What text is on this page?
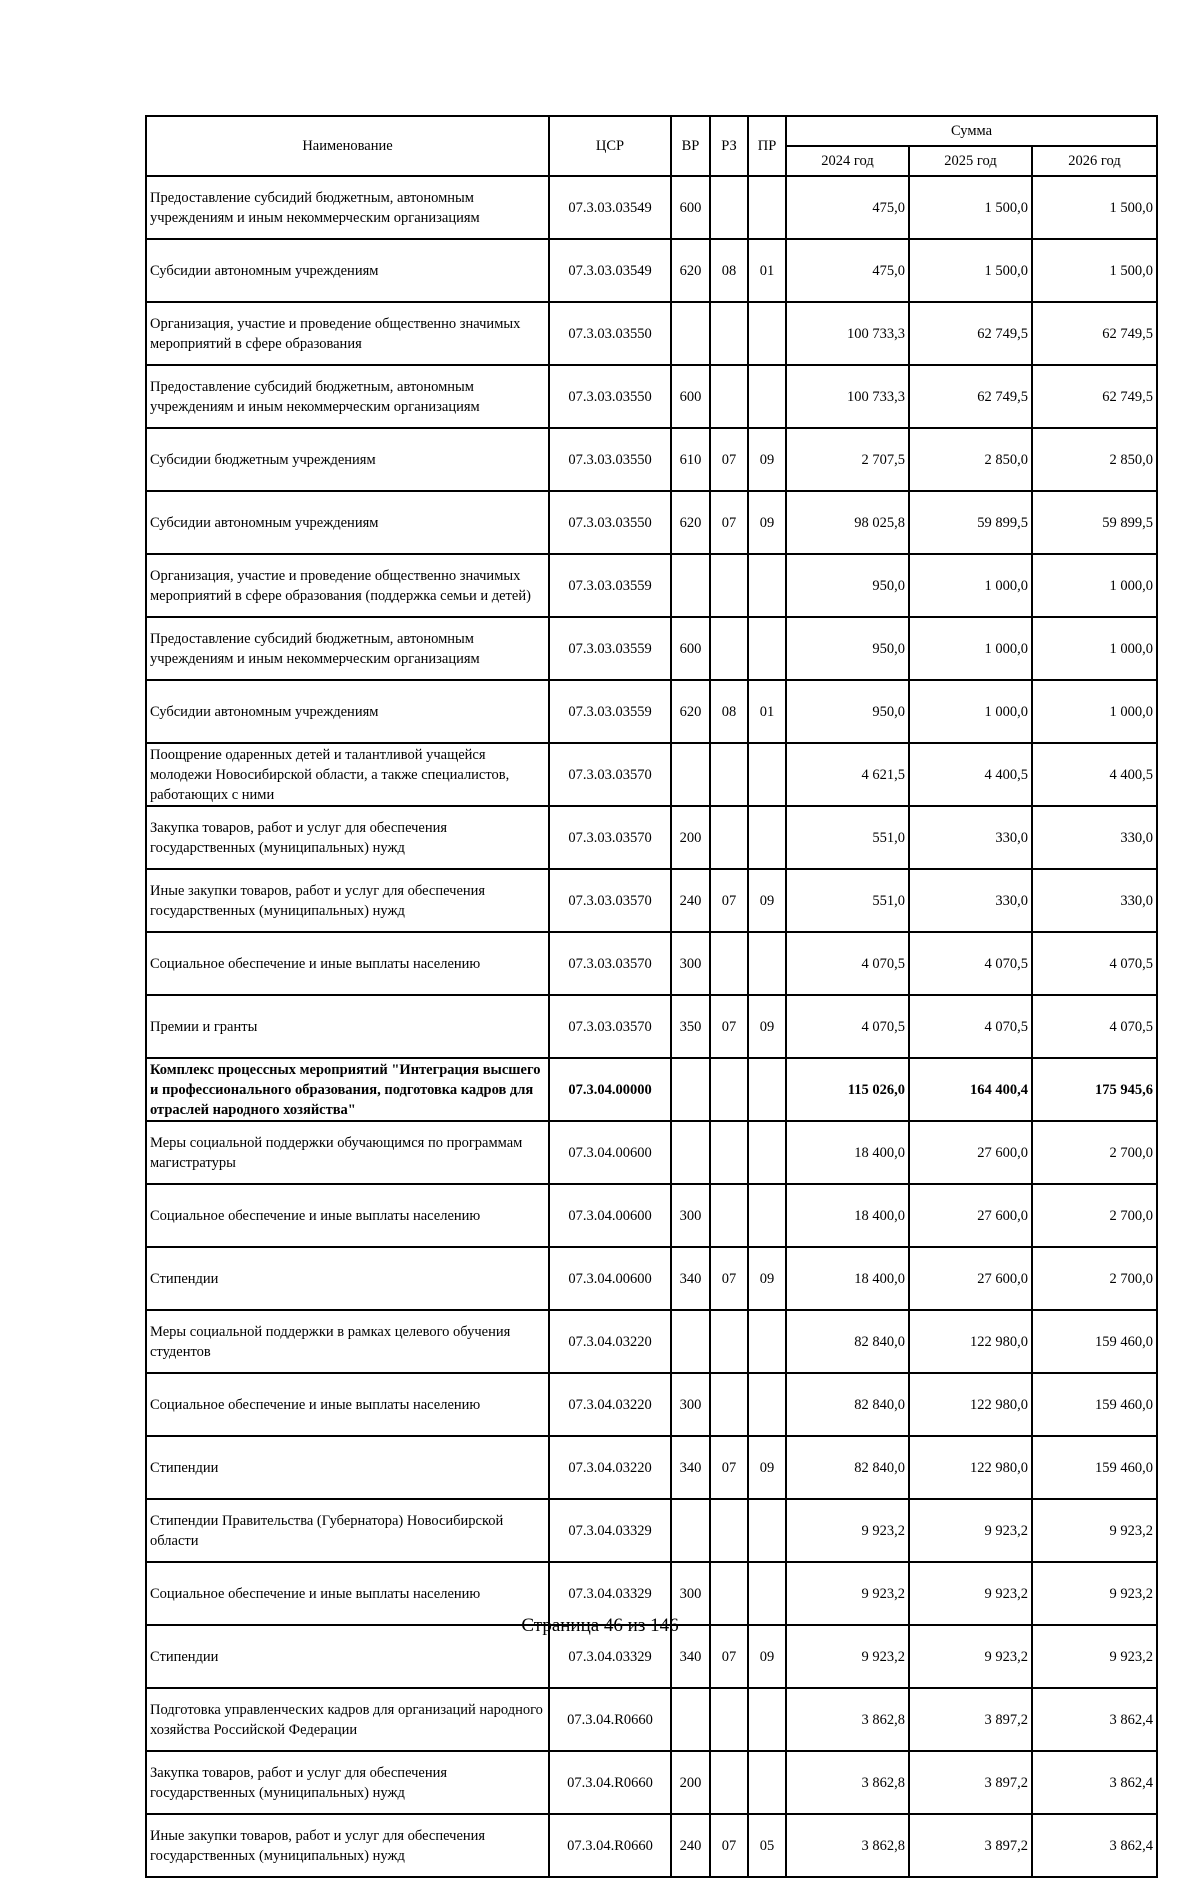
Наименование	ЦСР	ВР	РЗ	ПР	Сумма		
					2024 год	2025 год	2026 год
Предоставление субсидий бюджетным, автономным учреждениям и иным некоммерческим организациям	07.3.03.03549	600			475,0	1 500,0	1 500,0
Субсидии автономным учреждениям	07.3.03.03549	620	08	01	475,0	1 500,0	1 500,0
Организация, участие и проведение общественно значимых мероприятий в сфере образования	07.3.03.03550				100 733,3	62 749,5	62 749,5
Предоставление субсидий бюджетным, автономным учреждениям и иным некоммерческим организациям	07.3.03.03550	600			100 733,3	62 749,5	62 749,5
Субсидии бюджетным учреждениям	07.3.03.03550	610	07	09	2 707,5	2 850,0	2 850,0
Субсидии автономным учреждениям	07.3.03.03550	620	07	09	98 025,8	59 899,5	59 899,5
Организация, участие и проведение общественно значимых мероприятий в сфере образования (поддержка семьи и детей)	07.3.03.03559				950,0	1 000,0	1 000,0
Предоставление субсидий бюджетным, автономным учреждениям и иным некоммерческим организациям	07.3.03.03559	600			950,0	1 000,0	1 000,0
Субсидии автономным учреждениям	07.3.03.03559	620	08	01	950,0	1 000,0	1 000,0
Поощрение одаренных детей и талантливой учащейся молодежи Новосибирской области, а также специалистов, работающих с ними	07.3.03.03570				4 621,5	4 400,5	4 400,5
Закупка товаров, работ и услуг для обеспечения государственных (муниципальных) нужд	07.3.03.03570	200			551,0	330,0	330,0
Иные закупки товаров, работ и услуг для обеспечения государственных (муниципальных) нужд	07.3.03.03570	240	07	09	551,0	330,0	330,0
Социальное обеспечение и иные выплаты населению	07.3.03.03570	300			4 070,5	4 070,5	4 070,5
Премии и гранты	07.3.03.03570	350	07	09	4 070,5	4 070,5	4 070,5
Комплекс процессных мероприятий "Интеграция высшего и профессионального образования, подготовка кадров для отраслей народного хозяйства"	07.3.04.00000				115 026,0	164 400,4	175 945,6
Меры социальной поддержки обучающимся по программам магистратуры	07.3.04.00600				18 400,0	27 600,0	2 700,0
Социальное обеспечение и иные выплаты населению	07.3.04.00600	300			18 400,0	27 600,0	2 700,0
Стипендии	07.3.04.00600	340	07	09	18 400,0	27 600,0	2 700,0
Меры социальной поддержки в рамках целевого обучения студентов	07.3.04.03220				82 840,0	122 980,0	159 460,0
Социальное обеспечение и иные выплаты населению	07.3.04.03220	300			82 840,0	122 980,0	159 460,0
Стипендии	07.3.04.03220	340	07	09	82 840,0	122 980,0	159 460,0
Стипендии Правительства (Губернатора) Новосибирской области	07.3.04.03329				9 923,2	9 923,2	9 923,2
Социальное обеспечение и иные выплаты населению	07.3.04.03329	300			9 923,2	9 923,2	9 923,2
Стипендии	07.3.04.03329	340	07	09	9 923,2	9 923,2	9 923,2
Подготовка управленческих кадров для организаций народного хозяйства Российской Федерации	07.3.04.R0660				3 862,8	3 897,2	3 862,4
Закупка товаров, работ и услуг для обеспечения государственных (муниципальных) нужд	07.3.04.R0660	200			3 862,8	3 897,2	3 862,4
Иные закупки товаров, работ и услуг для обеспечения государственных (муниципальных) нужд	07.3.04.R0660	240	07	05	3 862,8	3 897,2	3 862,4
Страница 46 из 146
